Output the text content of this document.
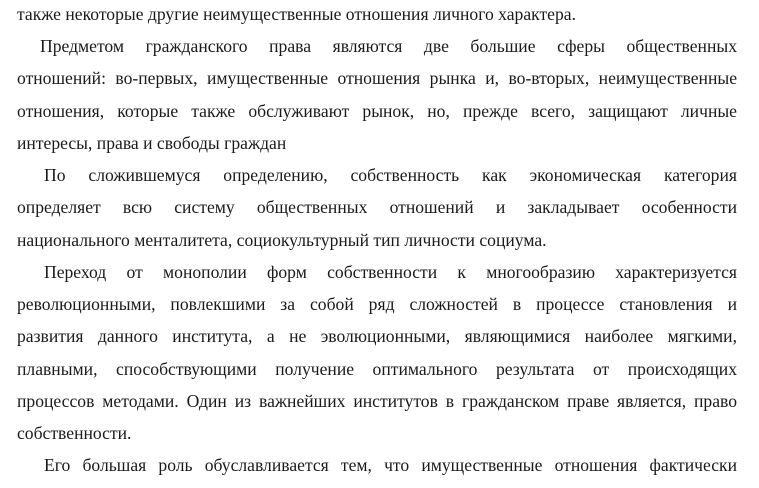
также некоторые другие неимущественные отношения личного характера.
Предметом гражданского права являются две большие сферы общественных
отношений: во-первых, имущественные отношения рынка и, во-вторых, неимущественные
отношения, которые также обслуживают рынок, но, прежде всего, защищают личные
интересы, права и свободы граждан
По сложившемуся определению, собственность как экономическая категория
определяет всю систему общественных отношений и закладывает особенности
национального менталитета, социокультурный тип личности социума.
Переход от монополии форм собственности к многообразию характеризуется
революционными, повлекшими за собой ряд сложностей в процессе становления и
развития данного института, а не эволюционными, являющимися наиболее мягкими,
плавными, способствующими получение оптимального результата от происходящих
процессов методами. Один из важнейших институтов в гражданском праве является, право
собственности.
Его большая роль обуславливается тем, что имущественные отношения фактически
